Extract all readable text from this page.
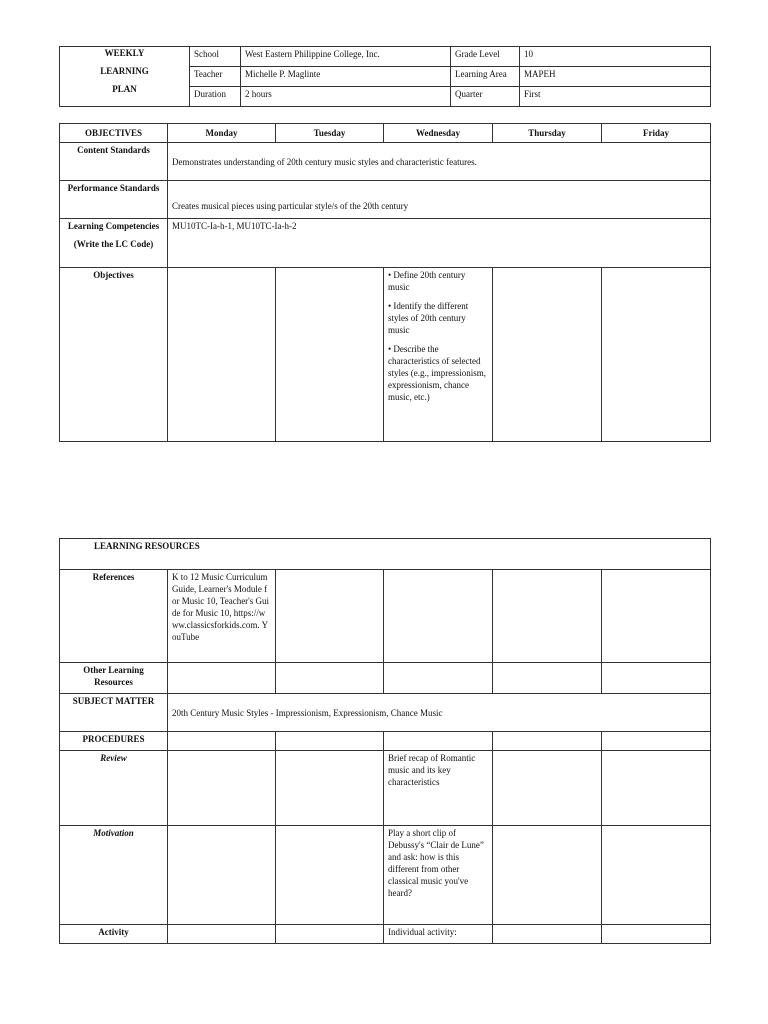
WEEKLY
LEARNING
PLAN	School	West Eastern Philippine College, Inc.	Grade Level	10
	Teacher	Michelle P. Maglinte	Learning Area	MAPEH
	Duration	2 hours	Quarter	First
OBJECTIVES	Monday	Tuesday	Wednesday	Thursday	Friday
Content Standards	Demonstrates understanding of 20th century music styles and characteristic features.				
Performance Standards	Creates musical pieces using particular style/s of the 20th century				

Learning Competencies
(Write the LC Code)	MU10TC-Ia-h-1, MU10TC-Ia-h-2				
Objectives			• Define 20th century music
• Identify the different styles of 20th century music
• Describe the characteristics of selected styles (e.g., impressionism, expressionism, chance music, etc.)		

LEARNING RESOURCES					
References	K to 12 Music Curriculum Guide, Learner's Module for Music 10, Teacher's Guide for Music 10, https://www.classicsforkids.com. YouTube				
Other Learning Resources					
SUBJECT MATTER	20th Century Music Styles - Impressionism, Expressionism, Chance Music				
PROCEDURES					
Review			Brief recap of Romantic music and its key characteristics		
Motivation			Play a short clip of Debussy's “Clair de Lune” and ask: how is this different from other classical music you've heard?		
Activity			Individual activity:		
